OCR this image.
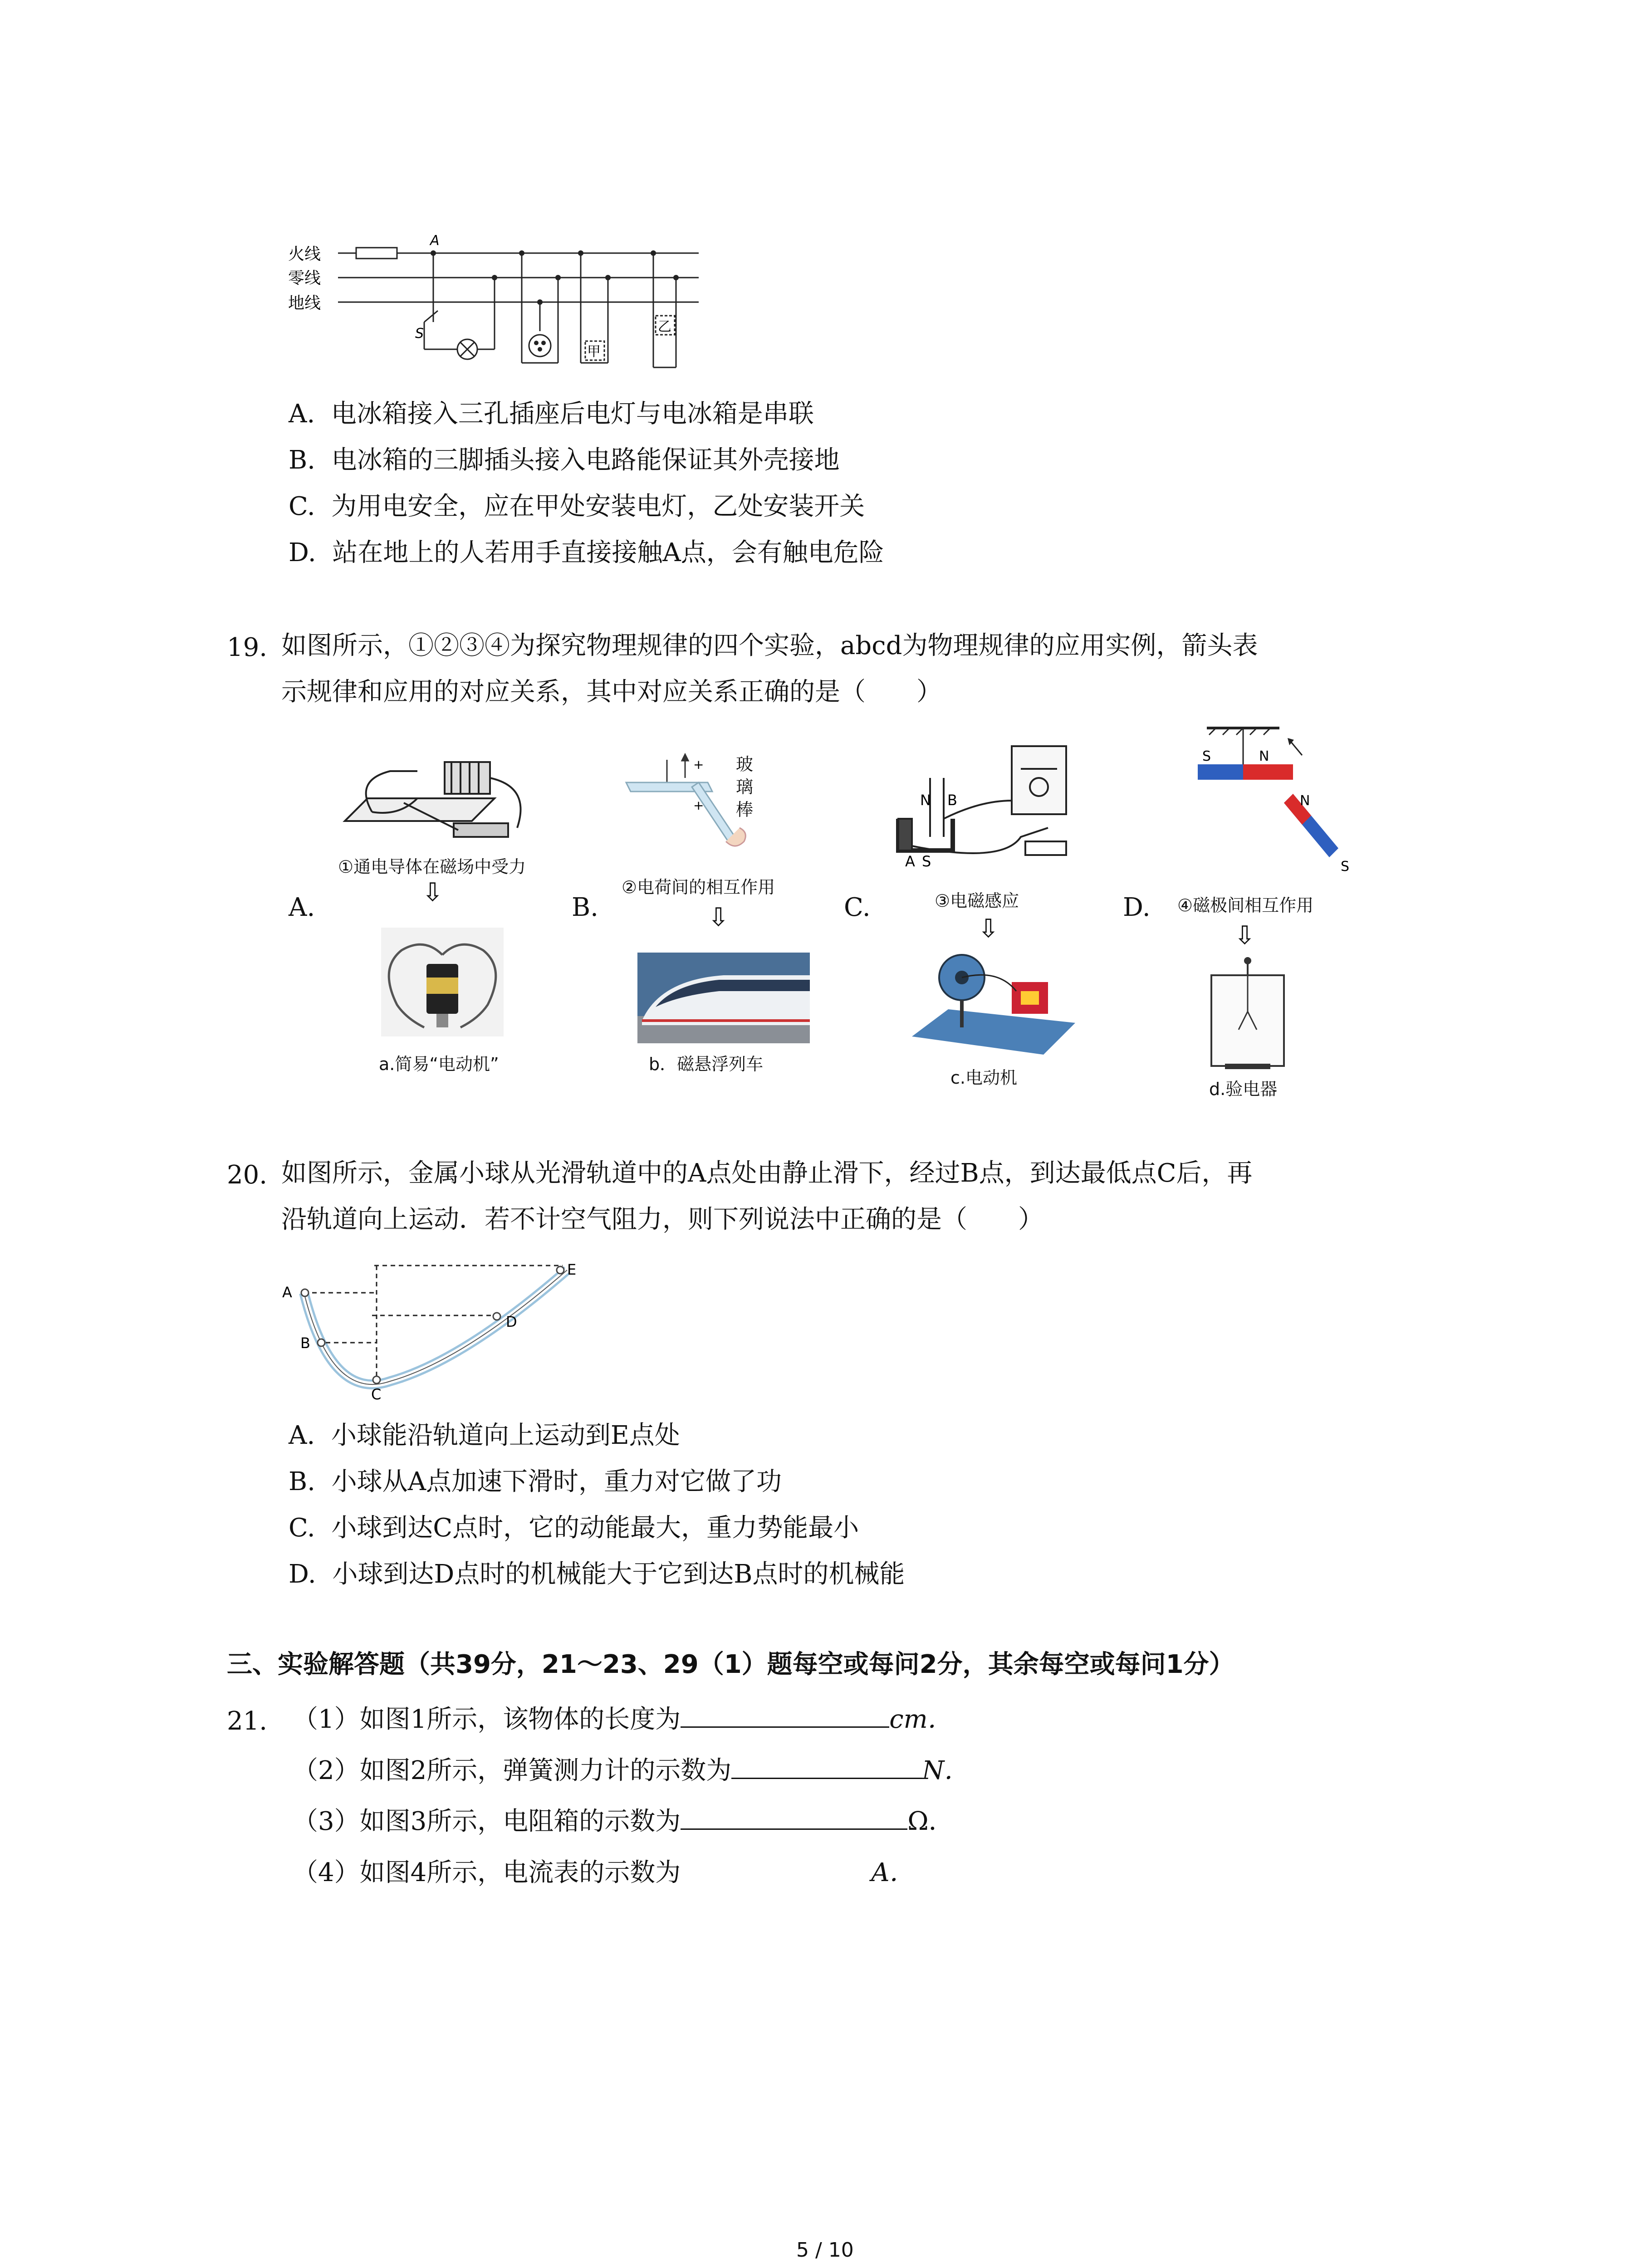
火线
零线
地线
A
S
甲
乙
A. 电冰箱接入三孔插座后电灯与电冰箱是串联
B. 电冰箱的三脚插头接入电路能保证其外壳接地
C. 为用电安全，应在甲处安装电灯，乙处安装开关
D. 站在地上的人若用手直接接触A点，会有触电危险
19. 如图所示，①②③④为探究物理规律的四个实验，abcd为物理规律的应用实例，箭头表
示规律和应用的对应关系，其中对应关系正确的是（　　）
A.	B.	C.	D.
①通电导体在磁场中受力
⇩
a.简易“电动机”
+
+
玻璃棒
②电荷间的相互作用
⇩
b．磁悬浮列车
N B
A S
③电磁感应
⇩
c.电动机
S	N
N
S
④磁极间相互作用
⇩
d.验电器
20. 如图所示，金属小球从光滑轨道中的A点处由静止滑下，经过B点，到达最低点C后，再
沿轨道向上运动．若不计空气阻力，则下列说法中正确的是（　　）
A
B
C
D
E
A. 小球能沿轨道向上运动到E点处
B. 小球从A点加速下滑时，重力对它做了功
C. 小球到达C点时，它的动能最大，重力势能最小
D. 小球到达D点时的机械能大于它到达B点时的机械能
三、实验解答题（共39分，21～23、29（1）题每空或每问2分，其余每空或每问1分）
21. （1）如图1所示，该物体的长度为	cm．
（2）如图2所示，弹簧测力计的示数为	N．
（3）如图3所示，电阻箱的示数为	Ω．
（4）如图4所示，电流表的示数为	A．
5 / 10
